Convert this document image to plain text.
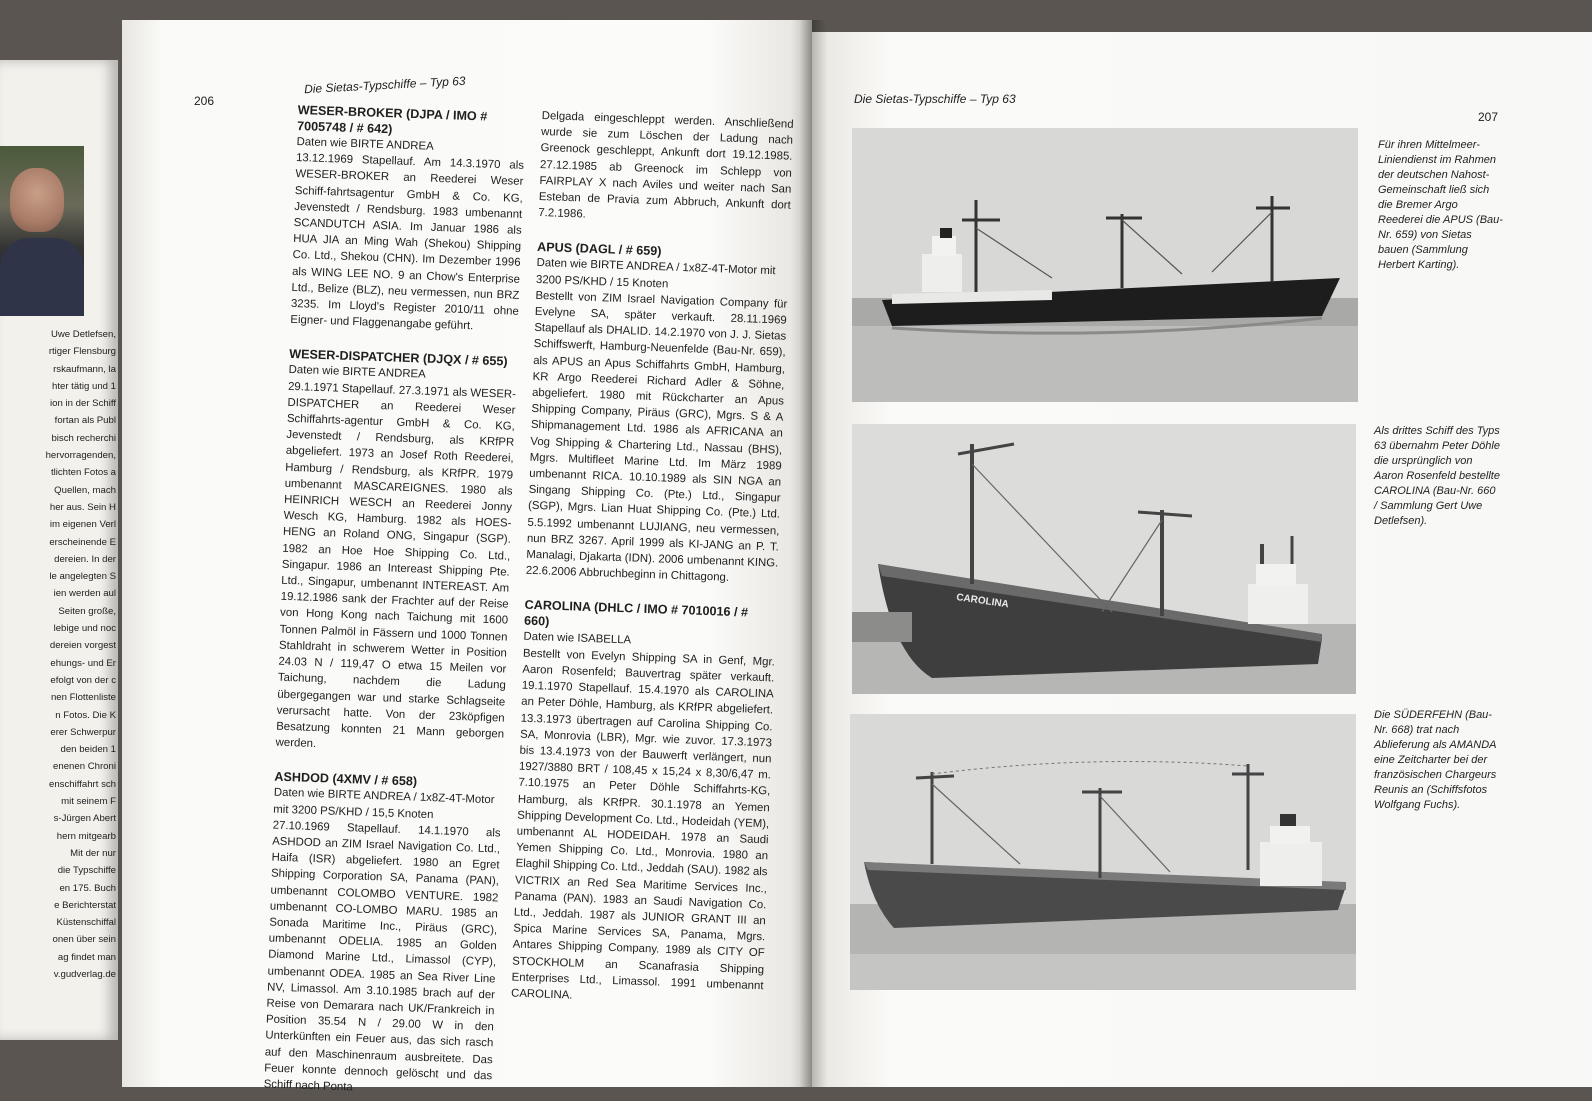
Uwe Detlefsen,
rtiger Flensburg
rskaufmann, la
hter tätig und 1
ion in der Schiff
fortan als Publ
bisch recherchi
hervorragenden,
tlichten Fotos a
Quellen, mach
her aus. Sein H
im eigenen Verl
erscheinende E
dereien. In der
le angelegten S
ien werden aul
Seiten große,
lebige und noc
dereien vorgest
ehungs- und Er
efolgt von der c
nen Flottenliste
n Fotos. Die K
erer Schwerpur
den beiden 1
enenen Chroni
enschiffahrt sch
mit seinem F
s-Jürgen Abert
hern mitgearb
Mit der nur
die Typschiffe
en 175. Buch
e Berichterstat
Küstenschiffal
onen über sein
ag findet man
v.gudverlag.de
206
Die Sietas-Typschiffe – Typ 63

WESER-BROKER (DJPA / IMO # 7005748 / # 642)

Daten wie BIRTE ANDREA

13.12.1969 Stapellauf. Am 14.3.1970 als WESER-BROKER an Reederei Weser Schiff-fahrtsagentur GmbH & Co. KG, Jevenstedt / Rendsburg. 1983 umbenannt SCANDUTCH ASIA. Im Januar 1986 als HUA JIA an Ming Wah (Shekou) Shipping Co. Ltd., Shekou (CHN). Im Dezember 1996 als WING LEE NO. 9 an Chow's Enterprise Ltd., Belize (BLZ), neu vermessen, nun BRZ 3235. Im Lloyd's Register 2010/11 ohne Eigner- und Flaggenangabe geführt.

WESER-DISPATCHER (DJQX / # 655)

Daten wie BIRTE ANDREA

29.1.1971 Stapellauf. 27.3.1971 als WESER-DISPATCHER an Reederei Weser Schiffahrts-agentur GmbH & Co. KG, Jevenstedt / Rendsburg, als KRfPR abgeliefert. 1973 an Josef Roth Reederei, Hamburg / Rendsburg, als KRfPR. 1979 umbenannt MASCAREIGNES. 1980 als HEINRICH WESCH an Reederei Jonny Wesch KG, Hamburg. 1982 als HOES-HENG an Roland ONG, Singapur (SGP). 1982 an Hoe Hoe Shipping Co. Ltd., Singapur. 1986 an Intereast Shipping Pte. Ltd., Singapur, umbenannt INTEREAST. Am 19.12.1986 sank der Frachter auf der Reise von Hong Kong nach Taichung mit 1600 Tonnen Palmöl in Fässern und 1000 Tonnen Stahldraht in schwerem Wetter in Position 24.03 N / 119,47 O etwa 15 Meilen vor Taichung, nachdem die Ladung übergegangen war und starke Schlagseite verursacht hatte. Von der 23köpfigen Besatzung konnten 21 Mann geborgen werden.

ASHDOD (4XMV / # 658)

Daten wie BIRTE ANDREA / 1x8Z-4T-Motor mit 3200 PS/KHD / 15,5 Knoten

27.10.1969 Stapellauf. 14.1.1970 als ASHDOD an ZIM Israel Navigation Co. Ltd., Haifa (ISR) abgeliefert. 1980 an Egret Shipping Corporation SA, Panama (PAN), umbenannt COLOMBO VENTURE. 1982 umbenannt CO-LOMBO MARU. 1985 an Sonada Maritime Inc., Piräus (GRC), umbenannt ODELIA. 1985 an Golden Diamond Marine Ltd., Limassol (CYP), umbenannt ODEA. 1985 an Sea River Line NV, Limassol. Am 3.10.1985 brach auf der Reise von Demarara nach UK/Frankreich in Position 35.54 N / 29.00 W in den Unterkünften ein Feuer aus, das sich rasch auf den Maschinenraum ausbreitete. Das Feuer konnte dennoch gelöscht und das Schiff nach Ponta

Delgada eingeschleppt werden. Anschließend wurde sie zum Löschen der Ladung nach Greenock geschleppt, Ankunft dort 19.12.1985. 27.12.1985 ab Greenock im Schlepp von FAIRPLAY X nach Aviles und weiter nach San Esteban de Pravia zum Abbruch, Ankunft dort 7.2.1986.

APUS (DAGL / # 659)

Daten wie BIRTE ANDREA / 1x8Z-4T-Motor mit 3200 PS/KHD / 15 Knoten

Bestellt von ZIM Israel Navigation Company für Evelyne SA, später verkauft. 28.11.1969 Stapellauf als DHALID. 14.2.1970 von J. J. Sietas Schiffswerft, Hamburg-Neuenfelde (Bau-Nr. 659), als APUS an Apus Schiffahrts GmbH, Hamburg, KR Argo Reederei Richard Adler & Söhne, abgeliefert. 1980 mit Rückcharter an Apus Shipping Company, Piräus (GRC), Mgrs. S & A Shipmanagement Ltd. 1986 als AFRICANA an Vog Shipping & Chartering Ltd., Nassau (BHS), Mgrs. Multifleet Marine Ltd. Im März 1989 umbenannt RICA. 10.10.1989 als SIN NGA an Singang Shipping Co. (Pte.) Ltd., Singapur (SGP), Mgrs. Lian Huat Shipping Co. (Pte.) Ltd. 5.5.1992 umbenannt LUJIANG, neu vermessen, nun BRZ 3267. April 1999 als KI-JANG an P. T. Manalagi, Djakarta (IDN). 2006 umbenannt KING. 22.6.2006 Abbruchbeginn in Chittagong.

CAROLINA (DHLC / IMO # 7010016 / # 660)

Daten wie ISABELLA

Bestellt von Evelyn Shipping SA in Genf, Mgr. Aaron Rosenfeld; Bauvertrag später verkauft. 19.1.1970 Stapellauf. 15.4.1970 als CAROLINA an Peter Döhle, Hamburg, als KRfPR abgeliefert. 13.3.1973 übertragen auf Carolina Shipping Co. SA, Monrovia (LBR), Mgr. wie zuvor. 17.3.1973 bis 13.4.1973 von der Bauwerft verlängert, nun 1927/3880 BRT / 108,45 x 15,24 x 8,30/6,47 m. 7.10.1975 an Peter Döhle Schiffahrts-KG, Hamburg, als KRfPR. 30.1.1978 an Yemen Shipping Development Co. Ltd., Hodeidah (YEM), umbenannt AL HODEIDAH. 1978 an Saudi Yemen Shipping Co. Ltd., Monrovia. 1980 an Elaghil Shipping Co. Ltd., Jeddah (SAU). 1982 als VICTRIX an Red Sea Maritime Services Inc., Panama (PAN). 1983 an Saudi Navigation Co. Ltd., Jeddah. 1987 als JUNIOR GRANT III an Spica Marine Services SA, Panama, Mgrs. Antares Shipping Company. 1989 als CITY OF STOCKHOLM an Scanafrasia Shipping Enterprises Ltd., Limassol. 1991 umbenannt CAROLINA.

Die Sietas-Typschiffe – Typ 63
207
Für ihren Mittelmeer-Liniendienst im Rahmen der deutschen Nahost-Gemeinschaft ließ sich die Bremer Argo Reederei die APUS (Bau-Nr. 659) von Sietas bauen (Sammlung Herbert Karting).
CAROLINA
Als drittes Schiff des Typs 63 übernahm Peter Döhle die ursprünglich von Aaron Rosenfeld bestellte CAROLINA (Bau-Nr. 660 / Sammlung Gert Uwe Detlefsen).
Die SÜDERFEHN (Bau-Nr. 668) trat nach Ablieferung als AMANDA eine Zeitcharter bei der französischen Chargeurs Reunis an (Schiffsfotos Wolfgang Fuchs).
